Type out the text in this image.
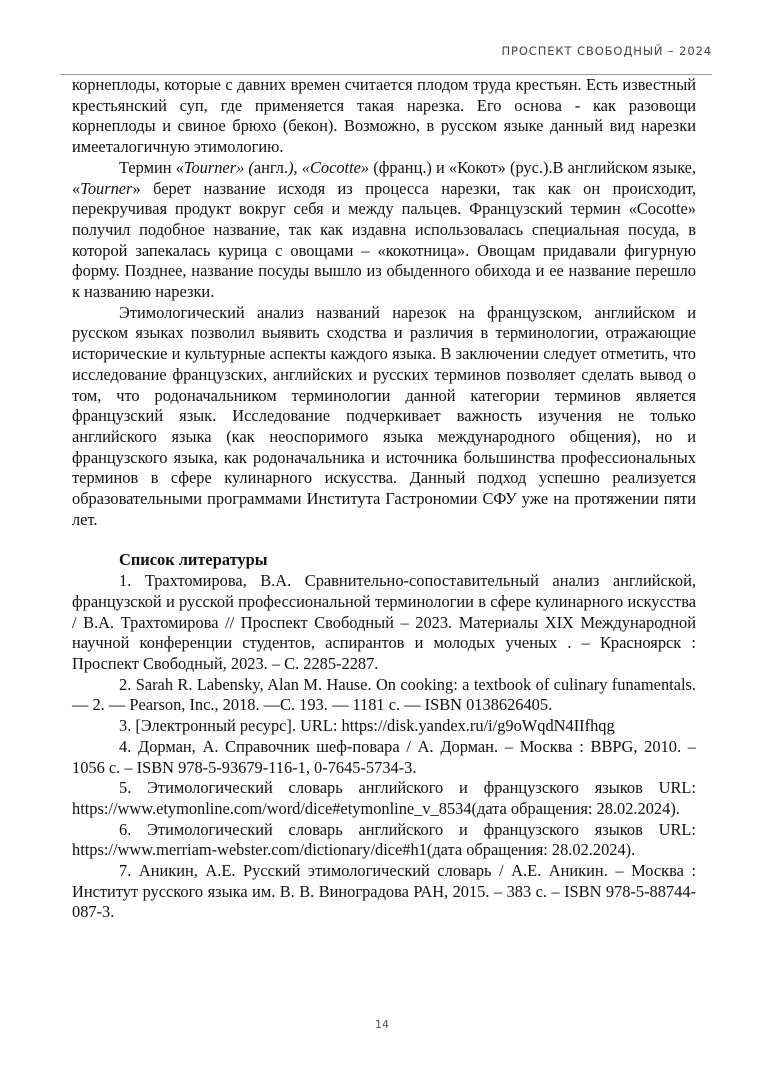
ПРОСПЕКТ СВОБОДНЫЙ – 2024

корнеплоды, которые с давних времен считается плодом труда крестьян. Есть известный крестьянский суп, где применяется такая нарезка. Его основа - как разовощи корнеплоды и свиное брюхо (бекон). Возможно, в русском языке данный вид нарезки имееталогичную этимологию.

Термин «Tourner» (англ.), «Cocotte» (франц.) и «Кокот» (рус.).В английском языке, «Tourner» берет название исходя из процесса нарезки, так как он происходит, перекручивая продукт вокруг себя и между пальцев. Французский термин «Cocotte» получил подобное название, так как издавна использовалась специальная посуда, в которой запекалась курица с овощами – «кокотница». Овощам придавали фигурную форму. Позднее, название посуды вышло из обыденного обихода и ее название перешло к названию нарезки.

Этимологический анализ названий нарезок на французском, английском и русском языках позволил выявить сходства и различия в терминологии, отражающие исторические и культурные аспекты каждого языка. В заключении следует отметить, что исследование французских, английских и русских терминов позволяет сделать вывод о том, что родоначальником терминологии данной категории терминов является французский язык. Исследование подчеркивает важность изучения не только английского языка (как неоспоримого языка международного общения), но и французского языка, как родоначальника и источника большинства профессиональных терминов в сфере кулинарного искусства. Данный подход успешно реализуется образовательными программами Института Гастрономии СФУ уже на протяжении пяти лет.

Список литературы

1. Трахтомирова, В.А. Сравнительно-сопоставительный анализ английской, французской и русской профессиональной терминологии в сфере кулинарного искусства / В.А. Трахтомирова // Проспект Свободный – 2023. Материалы XIX Международной научной конференции студентов, аспирантов и молодых ученых . – Красноярск : Проспект Свободный, 2023. – С. 2285-2287.

2. Sarah R. Labensky, Alan M. Hause. On cooking: a textbook of culinary funamentals. — 2. — Pearson, Inc., 2018. —С. 193. — 1181 с. — ISBN 0138626405.

3. [Электронный ресурс]. URL: https://disk.yandex.ru/i/g9oWqdN4IIfhqg

4. Дорман, А. Справочник шеф-повара / А. Дорман. – Москва : BBPG, 2010. – 1056 с. – ISBN 978-5-93679-116-1, 0-7645-5734-3.

5. Этимологический словарь английского и французского языков URL: https://www.etymonline.com/word/dice#etymonline_v_8534(дата обращения: 28.02.2024).

6. Этимологический словарь английского и французского языков URL: https://www.merriam-webster.com/dictionary/dice#h1(дата обращения: 28.02.2024).

7. Аникин, А.Е. Русский этимологический словарь / А.Е. Аникин. – Москва : Институт русского языка им. В. В. Виноградова РАН, 2015. – 383 с. – ISBN 978-5-88744-087-3.

14
